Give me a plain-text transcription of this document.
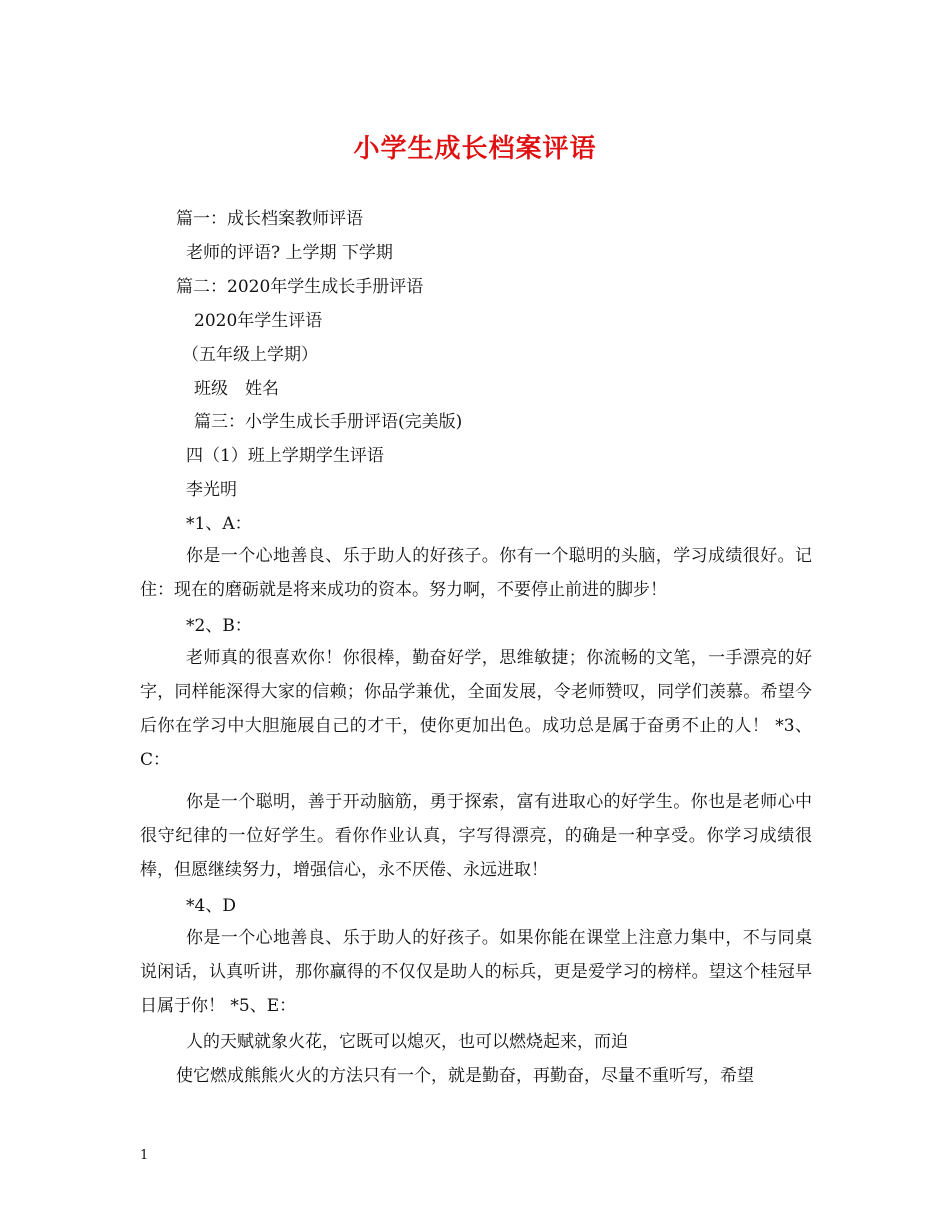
小学生成长档案评语
篇一：成长档案教师评语
老师的评语? 上学期 下学期
篇二：2020年学生成长手册评语
2020年学生评语
（五年级上学期）
班级　姓名
篇三：小学生成长手册评语(完美版)
四（1）班上学期学生评语
李光明
*1、A：
你是一个心地善良、乐于助人的好孩子。你有一个聪明的头脑，学习成绩很好。记住：现在的磨砺就是将来成功的资本。努力啊，不要停止前进的脚步！
*2、B：
老师真的很喜欢你！你很棒，勤奋好学，思维敏捷；你流畅的文笔，一手漂亮的好字，同样能深得大家的信赖；你品学兼优，全面发展，令老师赞叹，同学们羡慕。希望今后你在学习中大胆施展自己的才干，使你更加出色。成功总是属于奋勇不止的人！ *3、C：
你是一个聪明，善于开动脑筋，勇于探索，富有进取心的好学生。你也是老师心中很守纪律的一位好学生。看你作业认真，字写得漂亮，的确是一种享受。你学习成绩很棒，但愿继续努力，增强信心，永不厌倦、永远进取！
*4、D
你是一个心地善良、乐于助人的好孩子。如果你能在课堂上注意力集中，不与同桌说闲话，认真听讲，那你赢得的不仅仅是助人的标兵，更是爱学习的榜样。望这个桂冠早日属于你！ *5、E：
人的天赋就象火花，它既可以熄灭，也可以燃烧起来，而迫
使它燃成熊熊火火的方法只有一个，就是勤奋，再勤奋，尽量不重听写，希望
1
